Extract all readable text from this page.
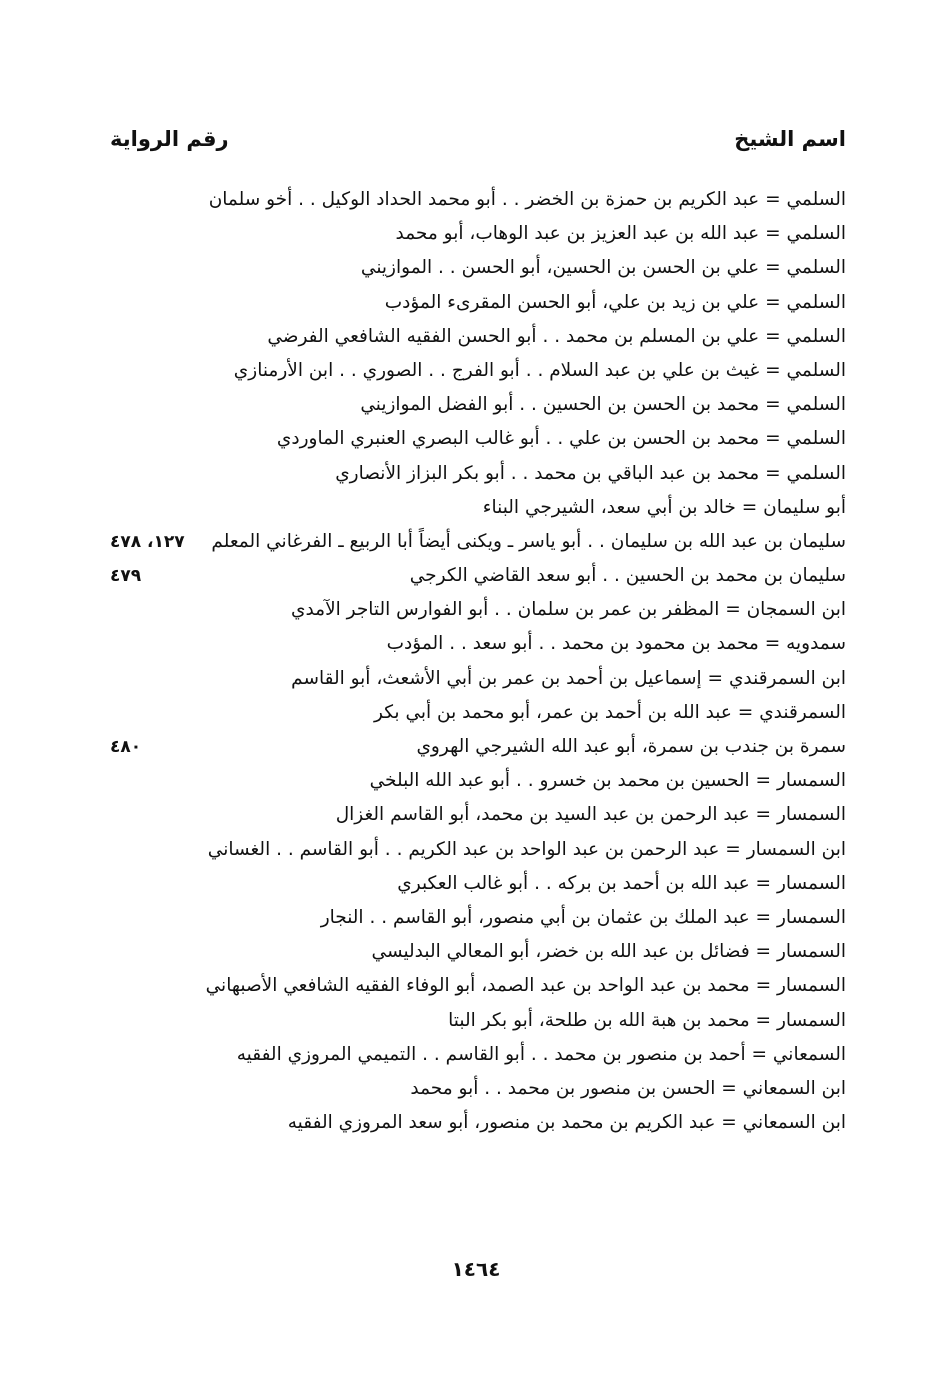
اسم الشيخ
رقم الرواية
السلمي = عبد الكريم بن حمزة بن الخضر . . أبو محمد الحداد الوكيل . . أخو سلمان
السلمي = عبد الله بن عبد العزيز بن عبد الوهاب، أبو محمد
السلمي = علي بن الحسن بن الحسين، أبو الحسن . . الموازيني
السلمي = علي بن زيد بن علي، أبو الحسن المقرىء المؤدب
السلمي = علي بن المسلم بن محمد . . أبو الحسن الفقيه الشافعي الفرضي
السلمي = غيث بن علي بن عبد السلام . . أبو الفرج . . الصوري . . ابن الأرمنازي
السلمي = محمد بن الحسن بن الحسين . . أبو الفضل الموازيني
السلمي = محمد بن الحسن بن علي . . أبو غالب البصري العنبري الماوردي
السلمي = محمد بن عبد الباقي بن محمد . . أبو بكر البزاز الأنصاري
أبو سليمان = خالد بن أبي سعد، الشيرجي البناء
سليمان بن عبد الله بن سليمان . . أبو ياسر ـ ويكنى أيضاً أبا الربيع ـ الفرغاني المعلم
١٢٧، ٤٧٨
سليمان بن محمد بن الحسين . . أبو سعد القاضي الكرجي
٤٧٩
ابن السمجان = المظفر بن عمر بن سلمان . . أبو الفوارس التاجر الآمدي
سمدويه = محمد بن محمود بن محمد . . أبو سعد . . المؤدب
ابن السمرقندي = إسماعيل بن أحمد بن عمر بن أبي الأشعث، أبو القاسم
السمرقندي = عبد الله بن أحمد بن عمر، أبو محمد بن أبي بكر
سمرة بن جندب بن سمرة، أبو عبد الله الشيرجي الهروي
٤٨٠
السمسار = الحسين بن محمد بن خسرو . . أبو عبد الله البلخي
السمسار = عبد الرحمن بن عبد السيد بن محمد، أبو القاسم الغزال
ابن السمسار = عبد الرحمن بن عبد الواحد بن عبد الكريم . . أبو القاسم . . الغساني
السمسار = عبد الله بن أحمد بن بركه . . أبو غالب العكبري
السمسار = عبد الملك بن عثمان بن أبي منصور، أبو القاسم . . النجار
السمسار = فضائل بن عبد الله بن خضر، أبو المعالي البدليسي
السمسار = محمد بن عبد الواحد بن عبد الصمد، أبو الوفاء الفقيه الشافعي الأصبهاني
السمسار = محمد بن هبة الله بن طلحة، أبو بكر البتا
السمعاني = أحمد بن منصور بن محمد . . أبو القاسم . . التميمي المروزي الفقيه
ابن السمعاني = الحسن بن منصور بن محمد . . أبو محمد
ابن السمعاني = عبد الكريم بن محمد بن منصور، أبو سعد المروزي الفقيه
١٤٦٤
